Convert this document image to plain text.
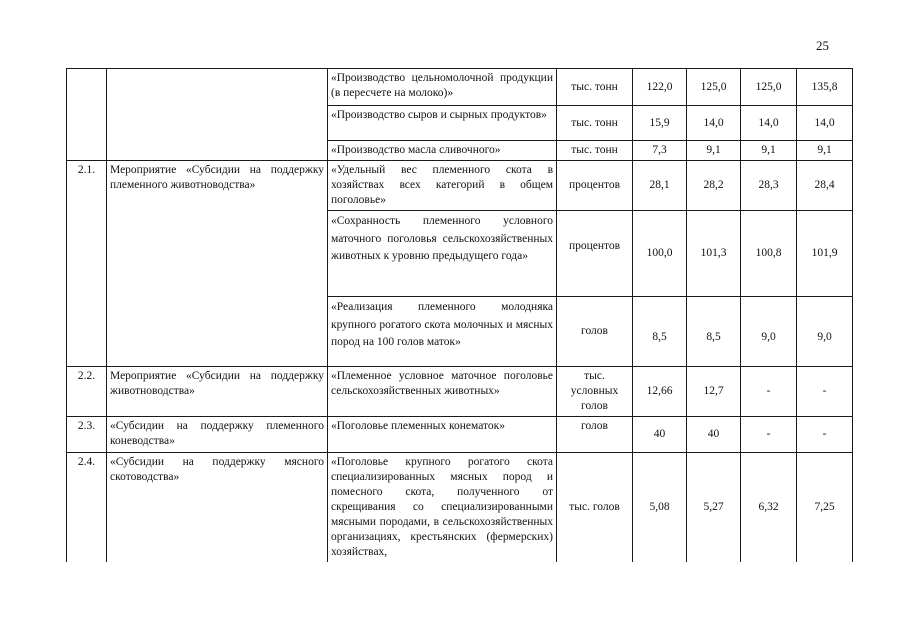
25
		«Производство цельномолочной продукции (в пересчете на молоко)»	тыс. тонн	122,0	125,0	125,0	135,8
		«Производство сыров и сырных продуктов»	тыс. тонн	15,9	14,0	14,0	14,0
		«Производство масла сливочного»	тыс. тонн	7,3	9,1	9,1	9,1
2.1.	Мероприятие «Субсидии на поддержку племенного животноводства»	«Удельный вес племенного скота в хозяйствах всех категорий в общем поголовье»	процентов	28,1	28,2	28,3	28,4
		«Сохранность племенного условного маточного поголовья сельскохозяйственных животных к уровню предыдущего года»	процентов	100,0	101,3	100,8	101,9
		«Реализация племенного молодняка крупного рогатого скота молочных и мясных пород на 100 голов маток»	голов	8,5	8,5	9,0	9,0
2.2.	Мероприятие «Субсидии на поддержку животноводства»	«Племенное условное маточное поголовье сельскохозяйственных животных»	тыс. условных голов	12,66	12,7	-	-
2.3.	«Субсидии на поддержку племенного коневодства»	«Поголовье племенных конематок»	голов	40	40	-	-
2.4.	«Субсидии на поддержку мясного скотоводства»	«Поголовье крупного рогатого скота специализированных мясных пород и помесного скота, полученного от скрещивания со специализированными мясными породами, в сельскохозяйственных организациях, крестьянских (фермерских) хозяйствах,	тыс. голов	5,08	5,27	6,32	7,25
